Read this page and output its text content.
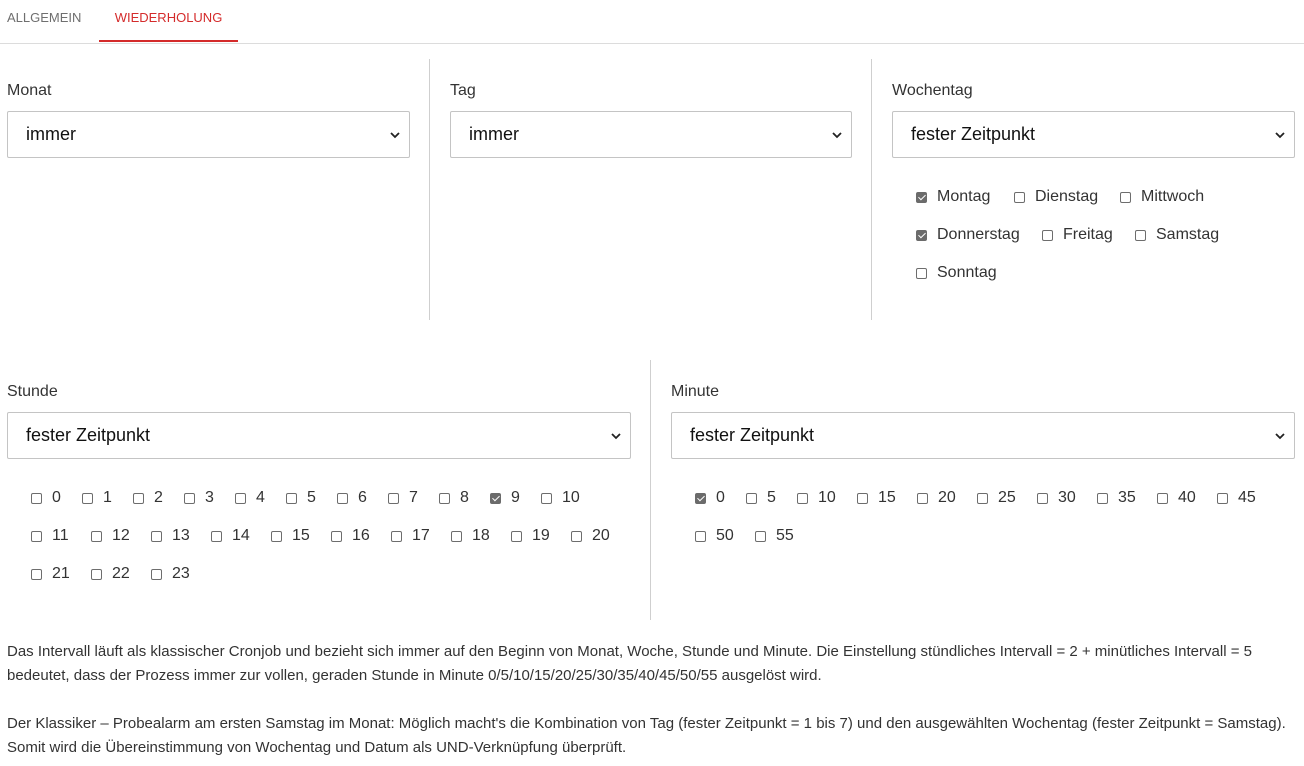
ALLGEMEIN	WIEDERHOLUNG
Monat
immer
Tag
immer
Wochentag
fester Zeitpunkt
Montag	Dienstag	Mittwoch
Donnerstag	Freitag	Samstag
Sonntag
Stunde
fester Zeitpunkt
0	1	2	3	4	5	6	7	8	9	10
11	12	13	14	15	16	17	18	19	20
21	22	23
Minute
fester Zeitpunkt
0	5	10	15	20	25	30	35	40	45
50	55
Das Intervall läuft als klassischer Cronjob und bezieht sich immer auf den Beginn von Monat, Woche, Stunde und Minute. Die Einstellung stündliches Intervall = 2 + minütliches Intervall = 5 bedeutet, dass der Prozess immer zur vollen, geraden Stunde in Minute 0/5/10/15/20/25/30/35/40/45/50/55 ausgelöst wird.
Der Klassiker – Probealarm am ersten Samstag im Monat: Möglich macht's die Kombination von Tag (fester Zeitpunkt = 1 bis 7) und den ausgewählten Wochentag (fester Zeitpunkt = Samstag). Somit wird die Übereinstimmung von Wochentag und Datum als UND-Verknüpfung überprüft.
